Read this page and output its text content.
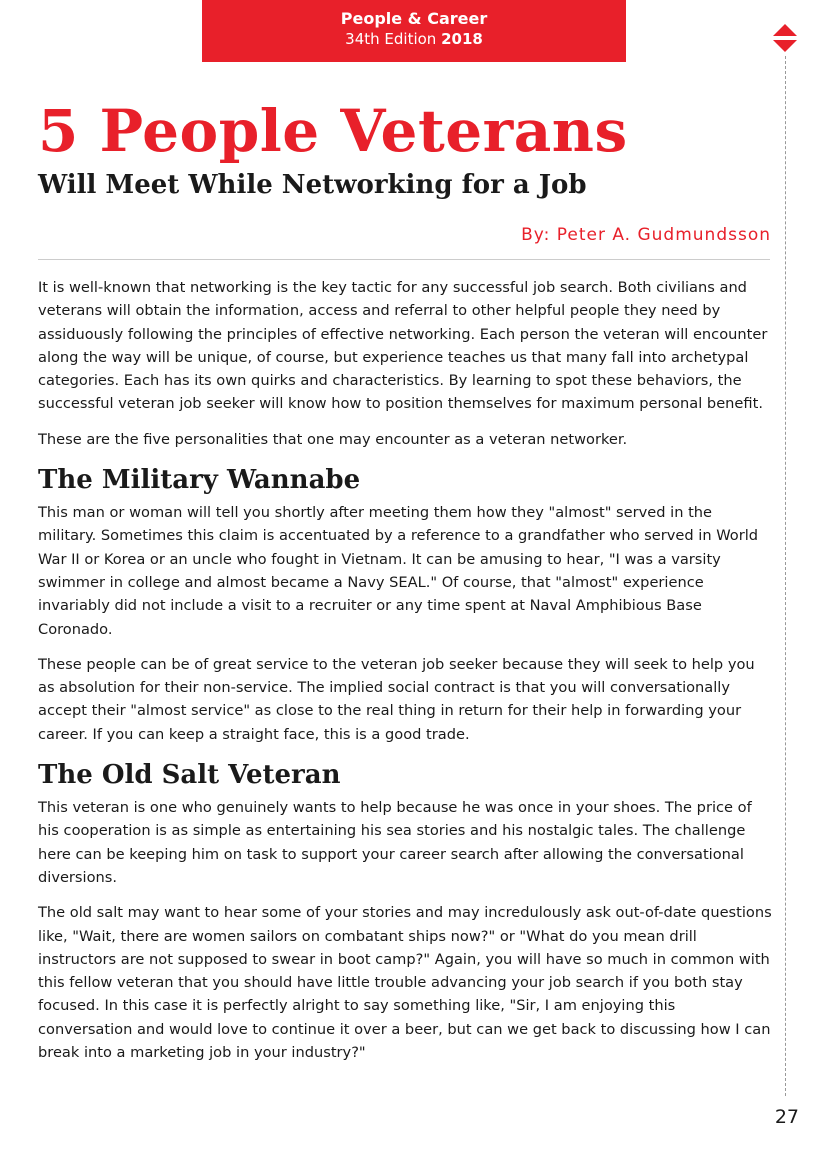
People & Career
34th Edition 2018
5 People Veterans
Will Meet While Networking for a Job
By: Peter A. Gudmundsson

It is well-known that networking is the key tactic for any successful job search. Both civilians and veterans will obtain the information, access and referral to other helpful people they need by assiduously following the principles of effective networking. Each person the veteran will encounter along the way will be unique, of course, but experience teaches us that many fall into archetypal categories. Each has its own quirks and characteristics. By learning to spot these behaviors, the successful veteran job seeker will know how to position themselves for maximum personal benefit.

These are the five personalities that one may encounter as a veteran networker.

The Military Wannabe

This man or woman will tell you shortly after meeting them how they "almost" served in the military. Sometimes this claim is accentuated by a reference to a grandfather who served in World War II or Korea or an uncle who fought in Vietnam. It can be amusing to hear, "I was a varsity swimmer in college and almost became a Navy SEAL." Of course, that "almost" experience invariably did not include a visit to a recruiter or any time spent at Naval Amphibious Base Coronado.

These people can be of great service to the veteran job seeker because they will seek to help you as absolution for their non-service. The implied social contract is that you will conversationally accept their "almost service" as close to the real thing in return for their help in forwarding your career. If you can keep a straight face, this is a good trade.

The Old Salt Veteran

This veteran is one who genuinely wants to help because he was once in your shoes. The price of his cooperation is as simple as entertaining his sea stories and his nostalgic tales. The challenge here can be keeping him on task to support your career search after allowing the conversational diversions.

The old salt may want to hear some of your stories and may incredulously ask out-of-date questions like, "Wait, there are women sailors on combatant ships now?" or "What do you mean drill instructors are not supposed to swear in boot camp?" Again, you will have so much in common with this fellow veteran that you should have little trouble advancing your job search if you both stay focused. In this case it is perfectly alright to say something like, "Sir, I am enjoying this conversation and would love to continue it over a beer, but can we get back to discussing how I can break into a marketing job in your industry?"

27
